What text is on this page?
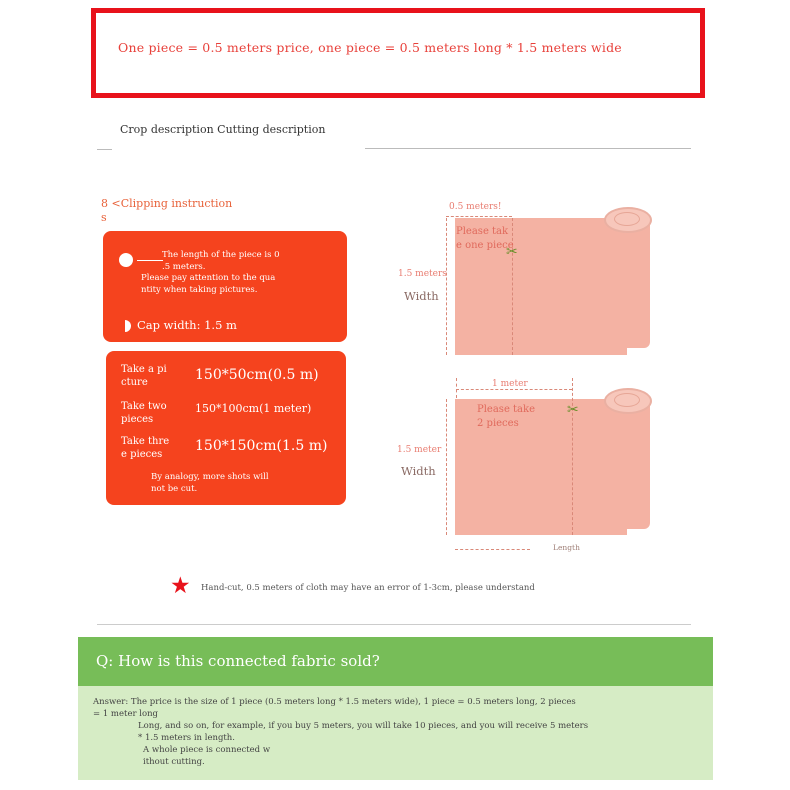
One piece = 0.5 meters price, one piece = 0.5 meters long * 1.5 meters wide
Crop description Cutting description
8 <Clipping instruction
s
The length of the piece is 0
.5 meters.
Please pay attention to the qua
ntity when taking pictures.
Cap width: 1.5 m
Take a pi
cture	150*50cm(0.5 m)
Take two
pieces
150*100cm(1 meter)
Take thre
e pieces	150*150cm(1.5 m)
By analogy, more shots will
not be cut.
0.5 meters!
Please tak
e one piece
✂
1.5 meters
Width
1 meter
Please take
2 pieces
✂
1.5 meter
Width
Length
★ Hand-cut, 0.5 meters of cloth may have an error of 1-3cm, please understand
Q: How is this connected fabric sold?
Answer: The price is the size of 1 piece (0.5 meters long * 1.5 meters wide), 1 piece = 0.5 meters long, 2 pieces
= 1 meter long
Long, and so on, for example, if you buy 5 meters, you will take 10 pieces, and you will receive 5 meters
* 1.5 meters in length.
A whole piece is connected w
ithout cutting.
